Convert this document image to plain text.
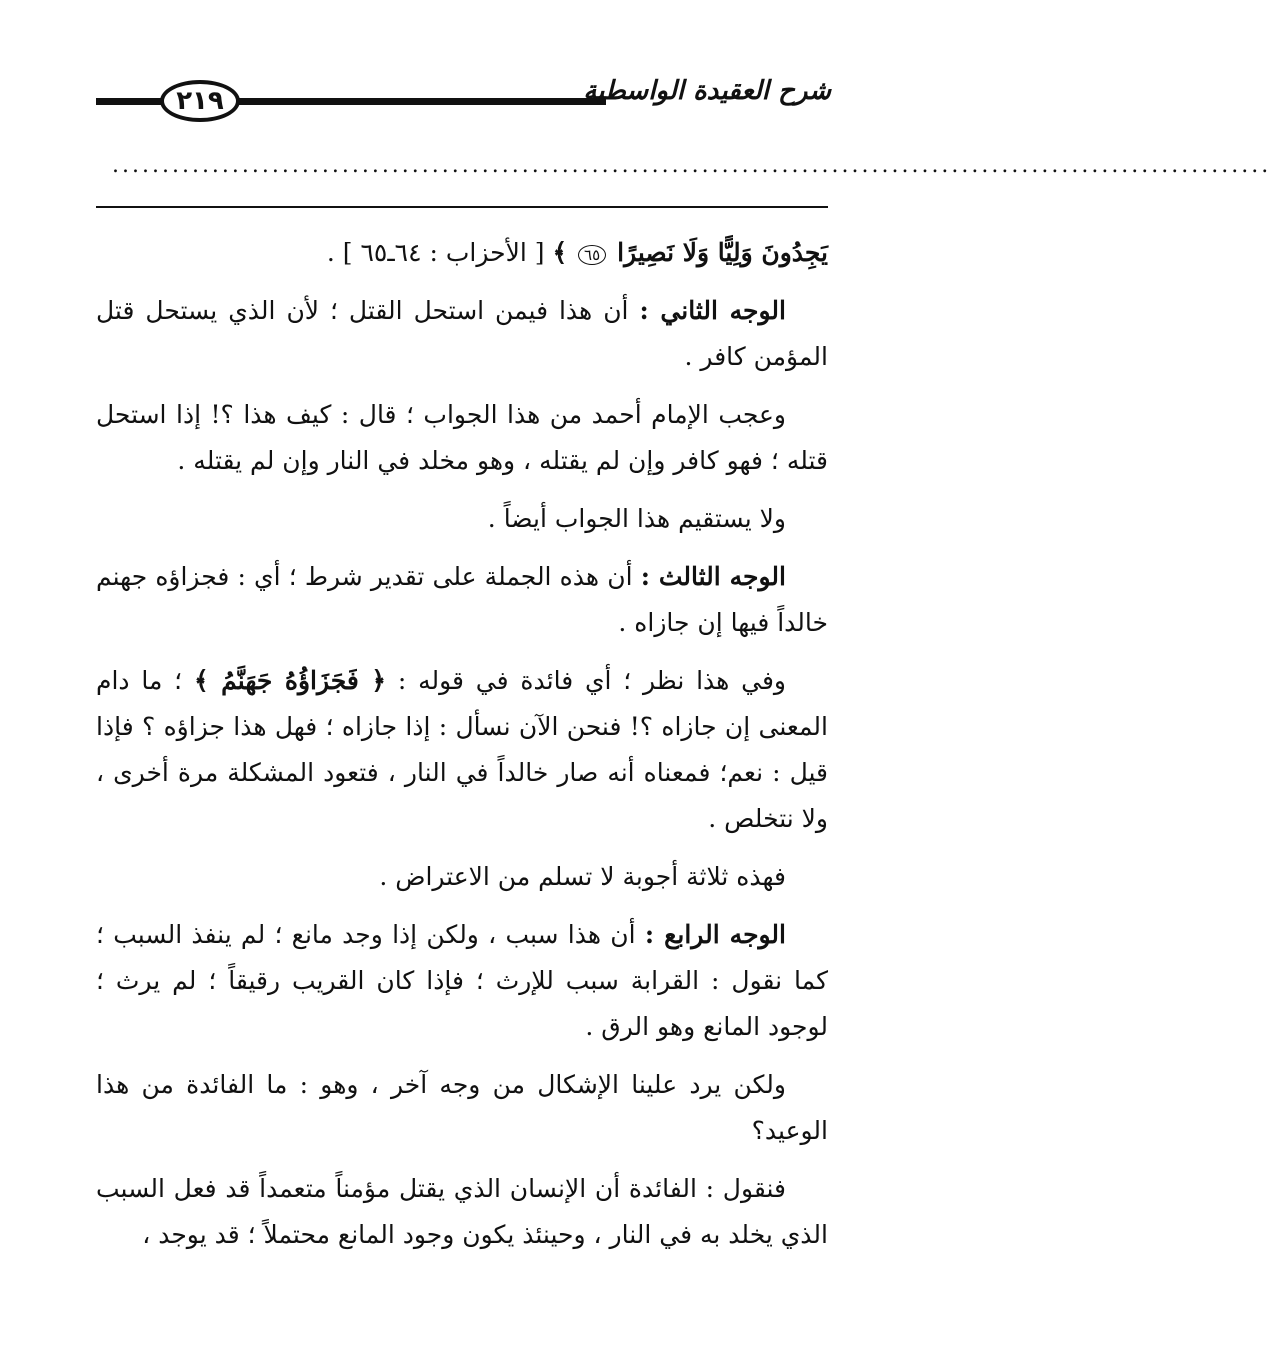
٢١٩	شرح العقيدة الواسطية
....................................................................................................................

يَجِدُونَ وَلِيًّا وَلَا نَصِيرًا ٦٥ ﴾ [ الأحزاب : ٦٤ـ٦٥ ] .

الوجه الثاني : أن هذا فيمن استحل القتل ؛ لأن الذي يستحل قتل المؤمن كافر .

وعجب الإمام أحمد من هذا الجواب ؛ قال : كيف هذا ؟! إذا استحل قتله ؛ فهو كافر وإن لم يقتله ، وهو مخلد في النار وإن لم يقتله .

ولا يستقيم هذا الجواب أيضاً .

الوجه الثالث : أن هذه الجملة على تقدير شرط ؛ أي : فجزاؤه جهنم خالداً فيها إن جازاه .

وفي هذا نظر ؛ أي فائدة في قوله : ﴿ فَجَزَاؤُهُ جَهَنَّمُ ﴾ ؛ ما دام المعنى إن جازاه ؟! فنحن الآن نسأل : إذا جازاه ؛ فهل هذا جزاؤه ؟ فإذا قيل : نعم؛ فمعناه أنه صار خالداً في النار ، فتعود المشكلة مرة أخرى ، ولا نتخلص .

فهذه ثلاثة أجوبة لا تسلم من الاعتراض .

الوجه الرابع : أن هذا سبب ، ولكن إذا وجد مانع ؛ لم ينفذ السبب ؛ كما نقول : القرابة سبب للإرث ؛ فإذا كان القريب رقيقاً ؛ لم يرث ؛ لوجود المانع وهو الرق .

ولكن يرد علينا الإشكال من وجه آخر ، وهو : ما الفائدة من هذا الوعيد؟

فنقول : الفائدة أن الإنسان الذي يقتل مؤمناً متعمداً قد فعل السبب الذي يخلد به في النار ، وحينئذ يكون وجود المانع محتملاً ؛ قد يوجد ،
